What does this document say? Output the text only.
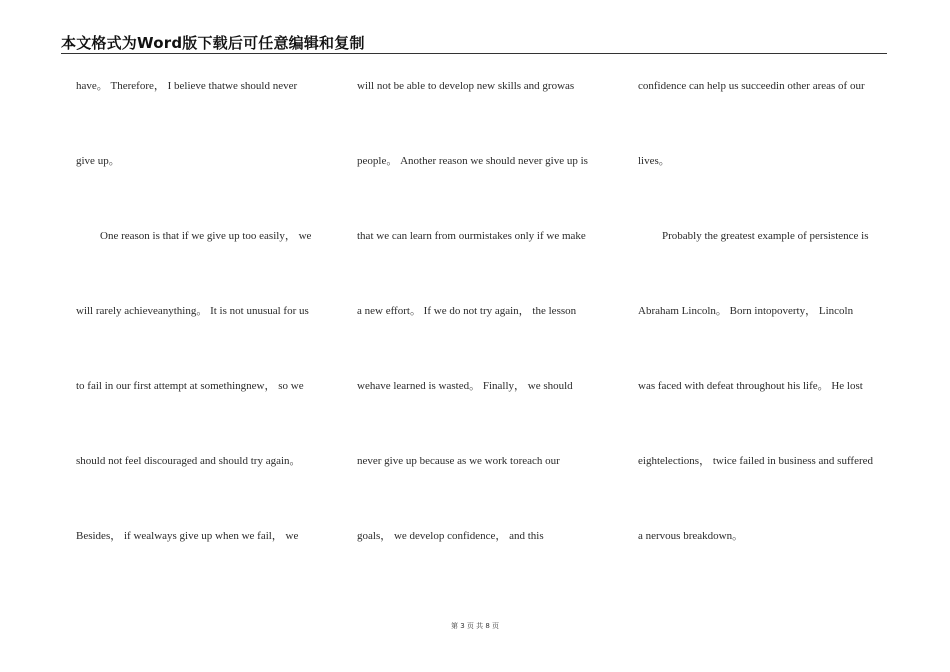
本文格式为Word版下载后可任意编辑和复制
have。 Therefore， I believe thatwe should never
give up。
One reason is that if we give up too easily， we
will rarely achieveanything。 It is not unusual for us
to fail in our first attempt at somethingnew， so we
should not feel discouraged and should try again。
Besides， if wealways give up when we fail， we
will not be able to develop new skills and growas
people。 Another reason we should never give up is
that we can learn from ourmistakes only if we make
a new effort。 If we do not try again， the lesson
wehave learned is wasted。 Finally， we should
never give up because as we work toreach our
goals， we develop confidence， and this
confidence can help us succeedin other areas of our
lives。
Probably the greatest example of persistence is
Abraham Lincoln。 Born intopoverty， Lincoln
was faced with defeat throughout his life。 He lost
eightelections， twice failed in business and suffered
a nervous breakdown。
第 3 页 共 8 页
